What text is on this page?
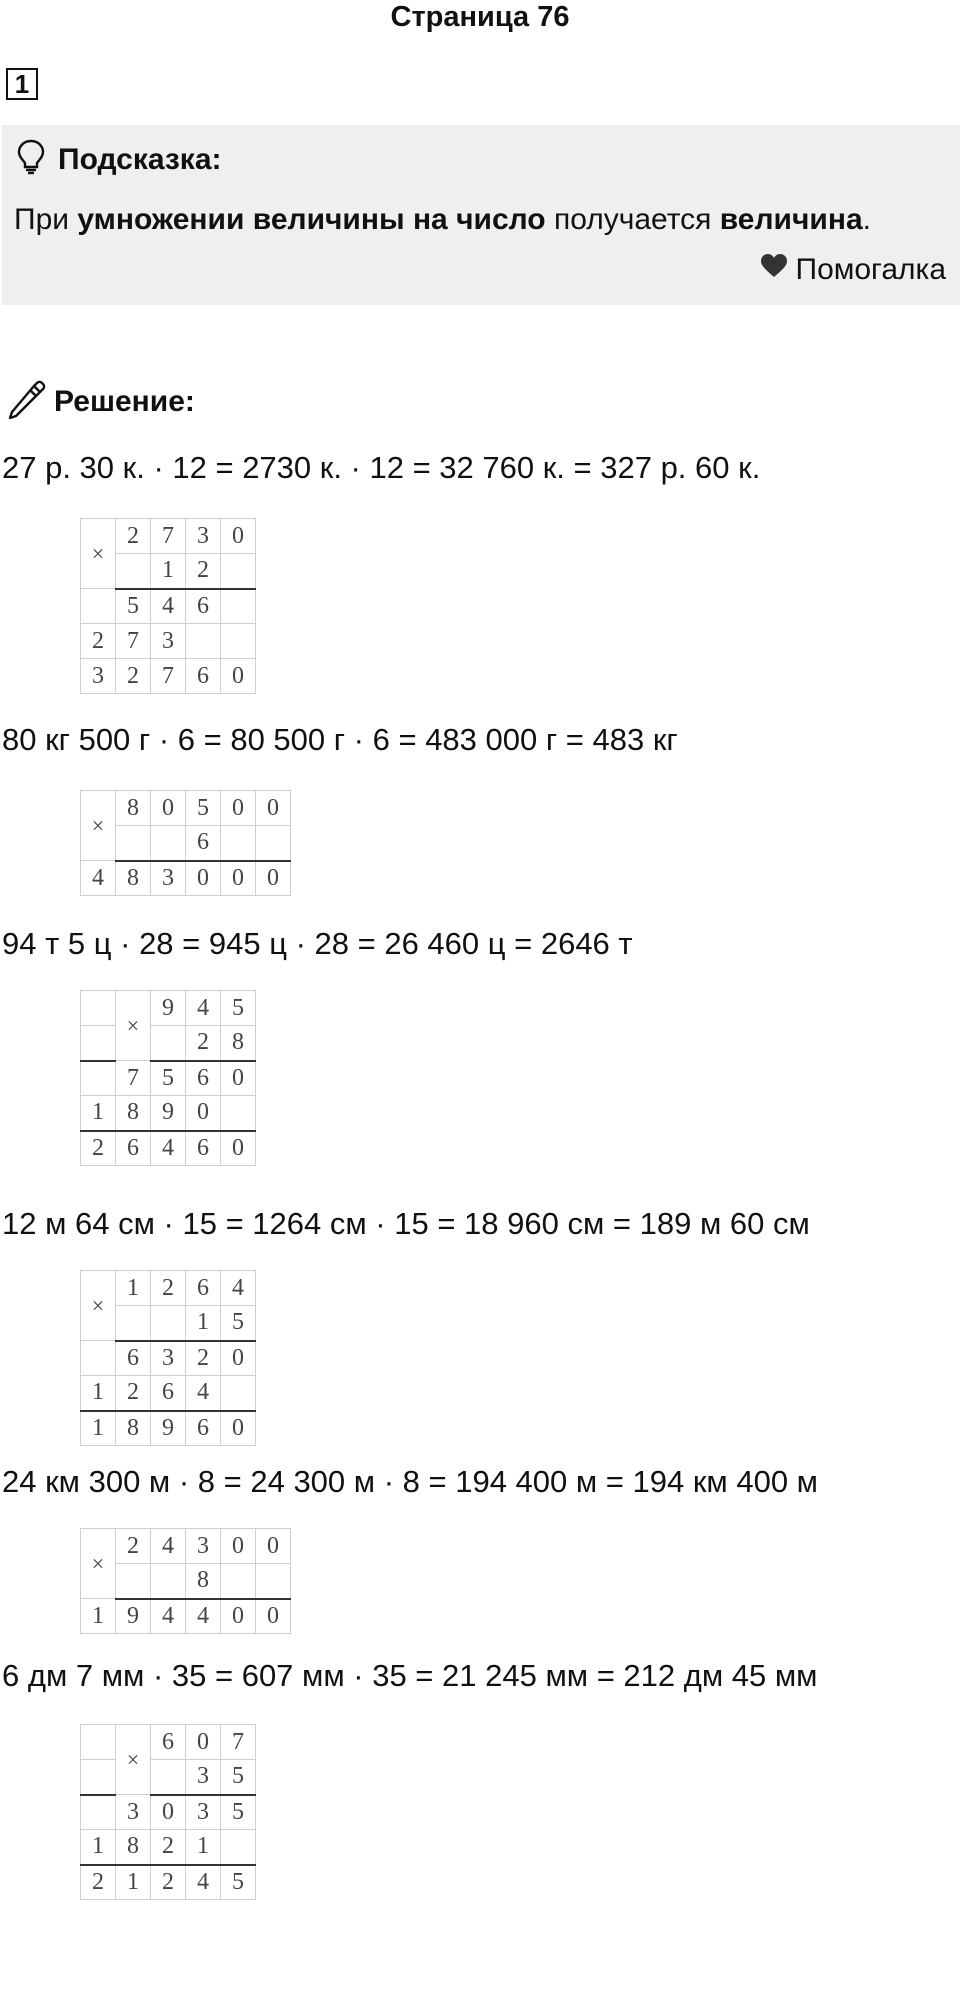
Страница 76
1
Подсказка:
При умножении величины на число получается величина.
Помогалка
Решение:
27 р. 30 к. · 12 = 2730 к. · 12 = 32 760 к. = 327 р. 60 к.
×	2	7	3	0
		1	2	
	5	4	6	
2	7	3		
3	2	7	6	0
80 кг 500 г · 6 = 80 500 г · 6 = 483 000 г = 483 кг
×	8	0	5	0	0
			6		
4	8	3	0	0	0
94 т 5 ц · 28 = 945 ц · 28 = 26 460 ц = 2646 т
	×	9	4	5
			2	8
	7	5	6	0
1	8	9	0	
2	6	4	6	0
12 м 64 см · 15 = 1264 см · 15 = 18 960 см = 189 м 60 см
×	1	2	6	4
			1	5
	6	3	2	0
1	2	6	4	
1	8	9	6	0
24 км 300 м · 8 = 24 300 м · 8 = 194 400 м = 194 км 400 м
×	2	4	3	0	0
			8		
1	9	4	4	0	0
6 дм 7 мм · 35 = 607 мм · 35 = 21 245 мм = 212 дм 45 мм
	×	6	0	7
			3	5
	3	0	3	5
1	8	2	1	
2	1	2	4	5
